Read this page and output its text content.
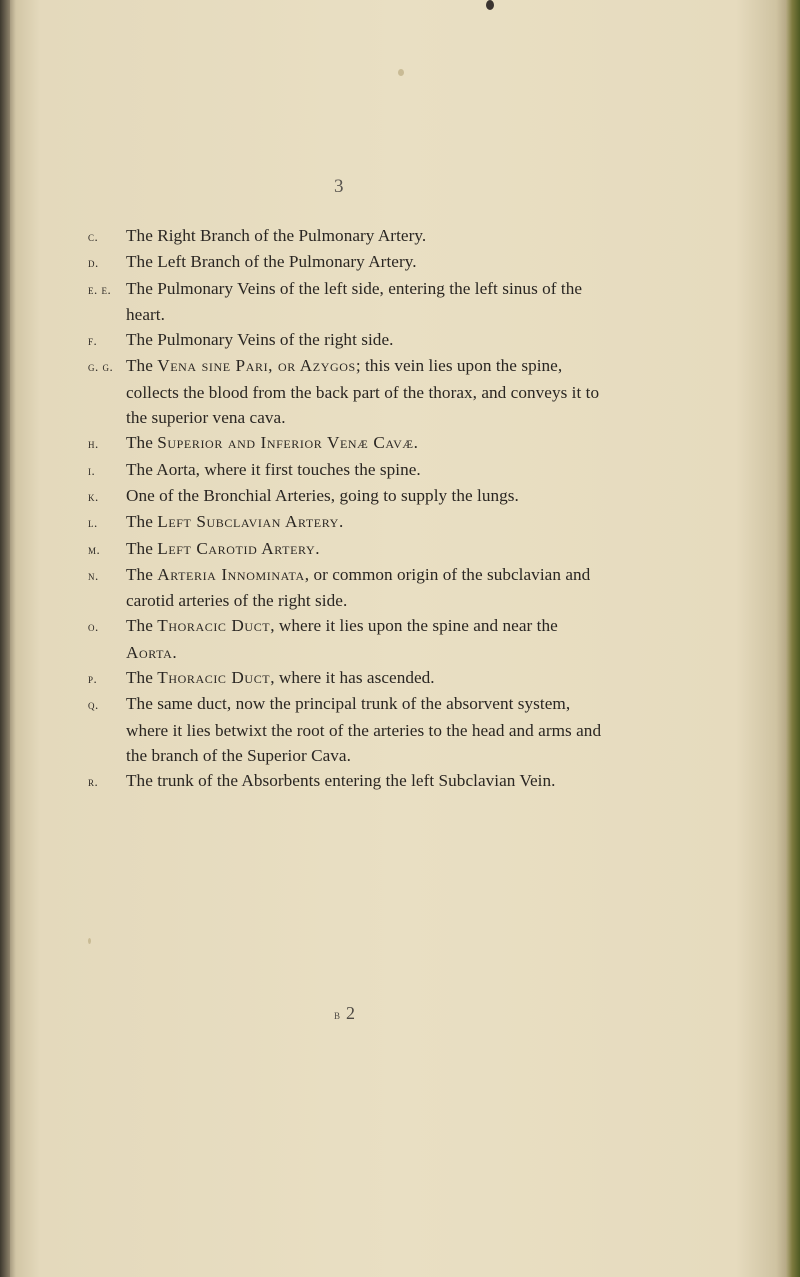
3
c. The Right Branch of the Pulmonary Artery.
d. The Left Branch of the Pulmonary Artery.
e. e. The Pulmonary Veins of the left side, entering the left sinus of the heart.
f. The Pulmonary Veins of the right side.
g. g. The Vena sine Pari, or Azygos; this vein lies upon the spine, collects the blood from the back part of the thorax, and conveys it to the superior vena cava.
h. The Superior and Inferior Venæ Cavæ.
i. The Aorta, where it first touches the spine.
k. One of the Bronchial Arteries, going to supply the lungs.
l. The Left Subclavian Artery.
m. The Left Carotid Artery.
n. The Arteria Innominata, or common origin of the subclavian and carotid arteries of the right side.
o. The Thoracic Duct, where it lies upon the spine and near the Aorta.
p. The Thoracic Duct, where it has ascended.
q. The same duct, now the principal trunk of the absorvent system, where it lies betwixt the root of the arteries to the head and arms and the branch of the Superior Cava.
r. The trunk of the Absorbents entering the left Subclavian Vein.
b 2
